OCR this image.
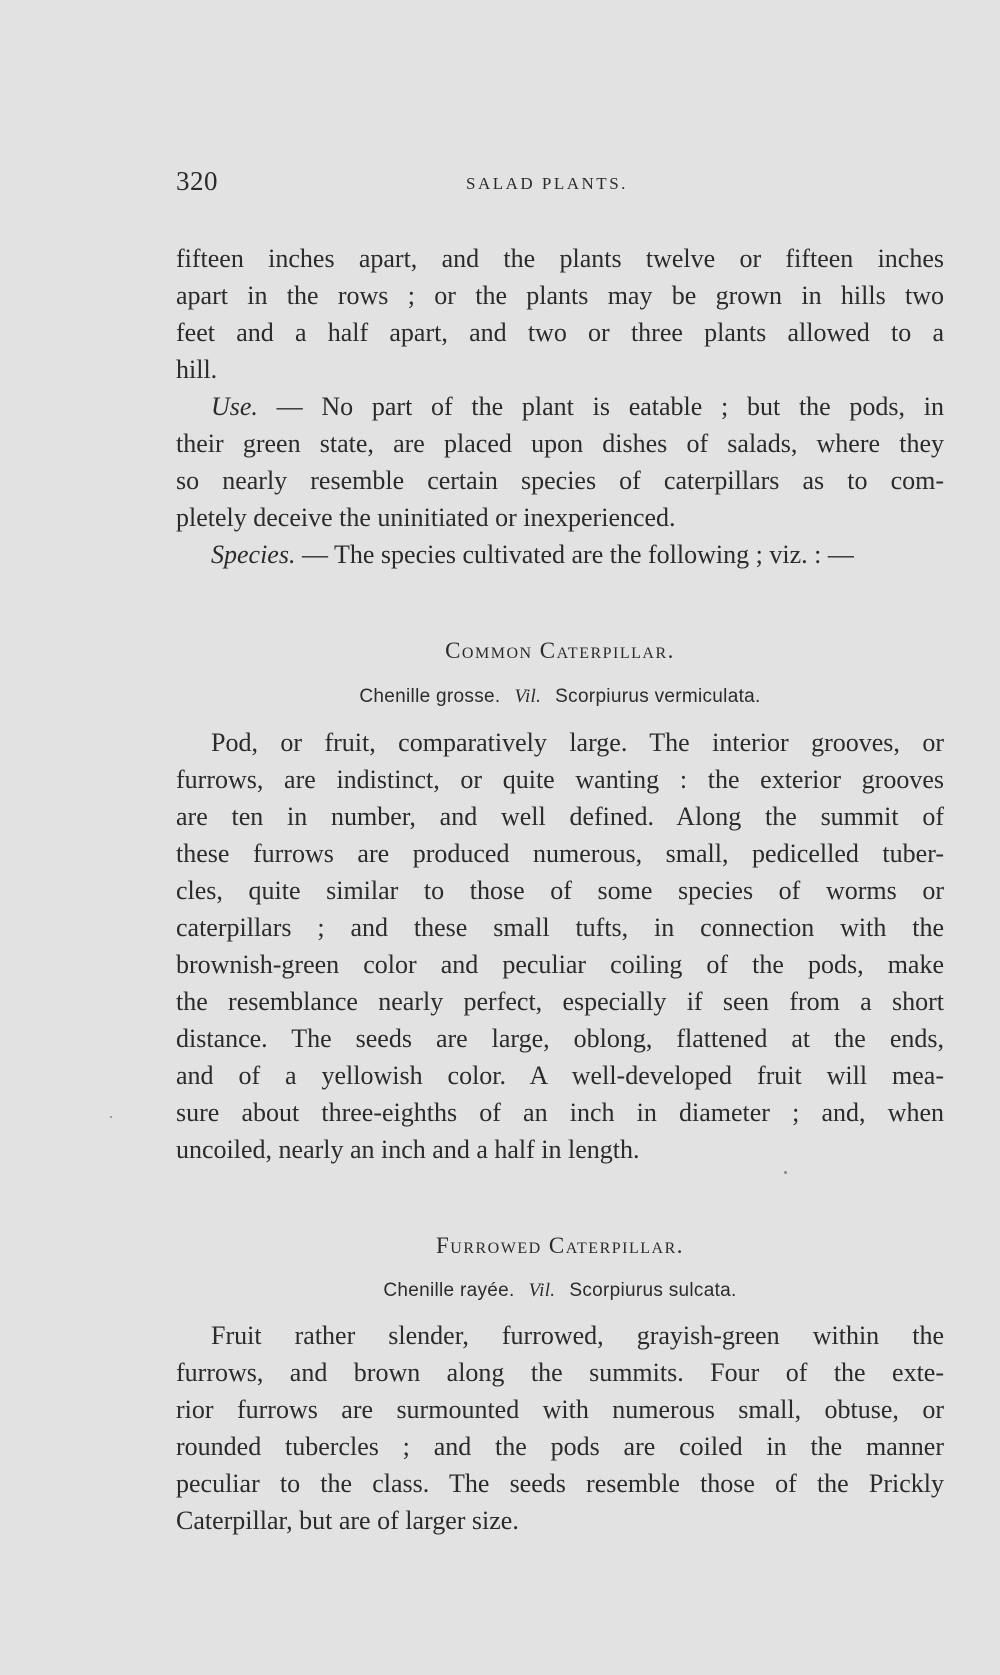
320	SALAD PLANTS.
fifteen inches apart, and the plants twelve or fifteen inches
apart in the rows ; or the plants may be grown in hills two
feet and a half apart, and two or three plants allowed to a
hill.
Use. — No part of the plant is eatable ; but the pods, in
their green state, are placed upon dishes of salads, where they
so nearly resemble certain species of caterpillars as to com-
pletely deceive the uninitiated or inexperienced.
Species. — The species cultivated are the following ; viz. : —
Common Caterpillar.
Chenille grosse. Vil. Scorpiurus vermiculata.
Pod, or fruit, comparatively large. The interior grooves, or
furrows, are indistinct, or quite wanting : the exterior grooves
are ten in number, and well defined. Along the summit of
these furrows are produced numerous, small, pedicelled tuber-
cles, quite similar to those of some species of worms or
caterpillars ; and these small tufts, in connection with the
brownish-green color and peculiar coiling of the pods, make
the resemblance nearly perfect, especially if seen from a short
distance. The seeds are large, oblong, flattened at the ends,
and of a yellowish color. A well-developed fruit will mea-
sure about three-eighths of an inch in diameter ; and, when
uncoiled, nearly an inch and a half in length.
Furrowed Caterpillar.
Chenille rayée. Vil. Scorpiurus sulcata.
Fruit rather slender, furrowed, grayish-green within the
furrows, and brown along the summits. Four of the exte-
rior furrows are surmounted with numerous small, obtuse, or
rounded tubercles ; and the pods are coiled in the manner
peculiar to the class. The seeds resemble those of the Prickly
Caterpillar, but are of larger size.
